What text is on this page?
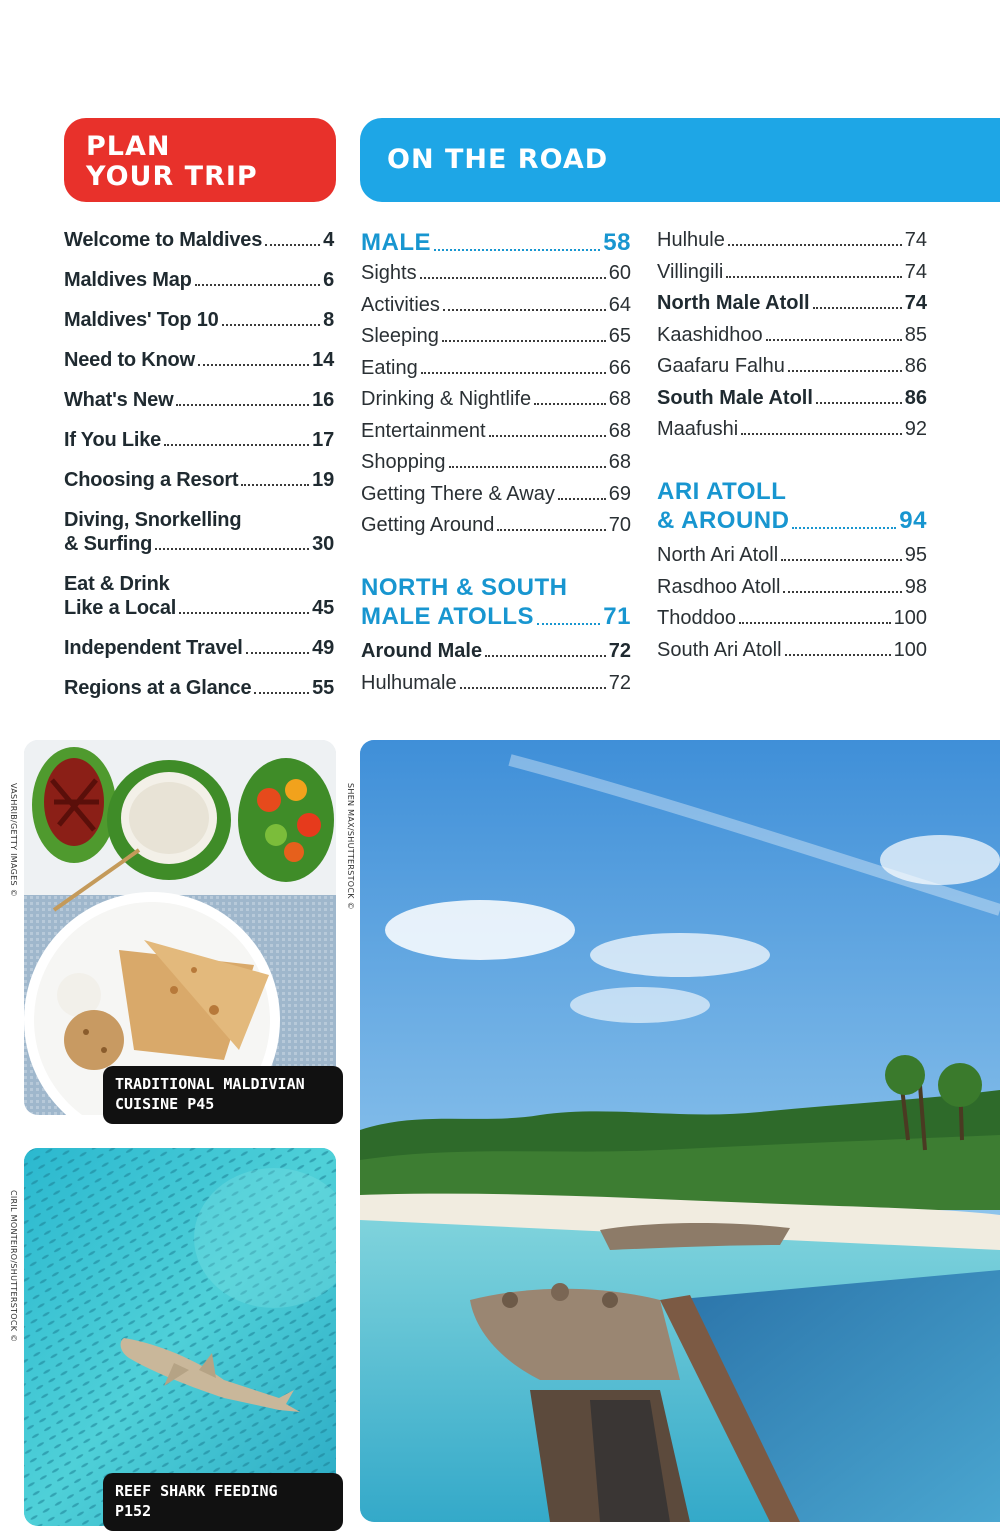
PLAN
YOUR TRIP
ON THE ROAD
Welcome to Maldives	4
Maldives Map	6
Maldives' Top 10	8
Need to Know	14
What's New	16
If You Like	17
Choosing a Resort	19
Diving, Snorkelling
& Surfing	30
Eat & Drink
Like a Local	45
Independent Travel	49
Regions at a Glance	55
MALE	58
Sights	60
Activities	64
Sleeping	65
Eating	66
Drinking & Nightlife	68
Entertainment	68
Shopping	68
Getting There & Away	69
Getting Around	70
NORTH & SOUTH
MALE ATOLLS	71
Around Male	72
Hulhumale	72
Hulhule	74
Villingili	74
North Male Atoll	74
Kaashidhoo	85
Gaafaru Falhu	86
South Male Atoll	86
Maafushi	92
ARI ATOLL
& AROUND	94
North Ari Atoll	95
Rasdhoo Atoll	98
Thoddoo	100
South Ari Atoll	100
TRADITIONAL MALDIVIAN
CUISINE P45
VASHRIB/GETTY IMAGES ©
REEF SHARK FEEDING
P152
CIRIL MONTEIRO/SHUTTERSTOCK ©
SHEN MAX/SHUTTERSTOCK ©
